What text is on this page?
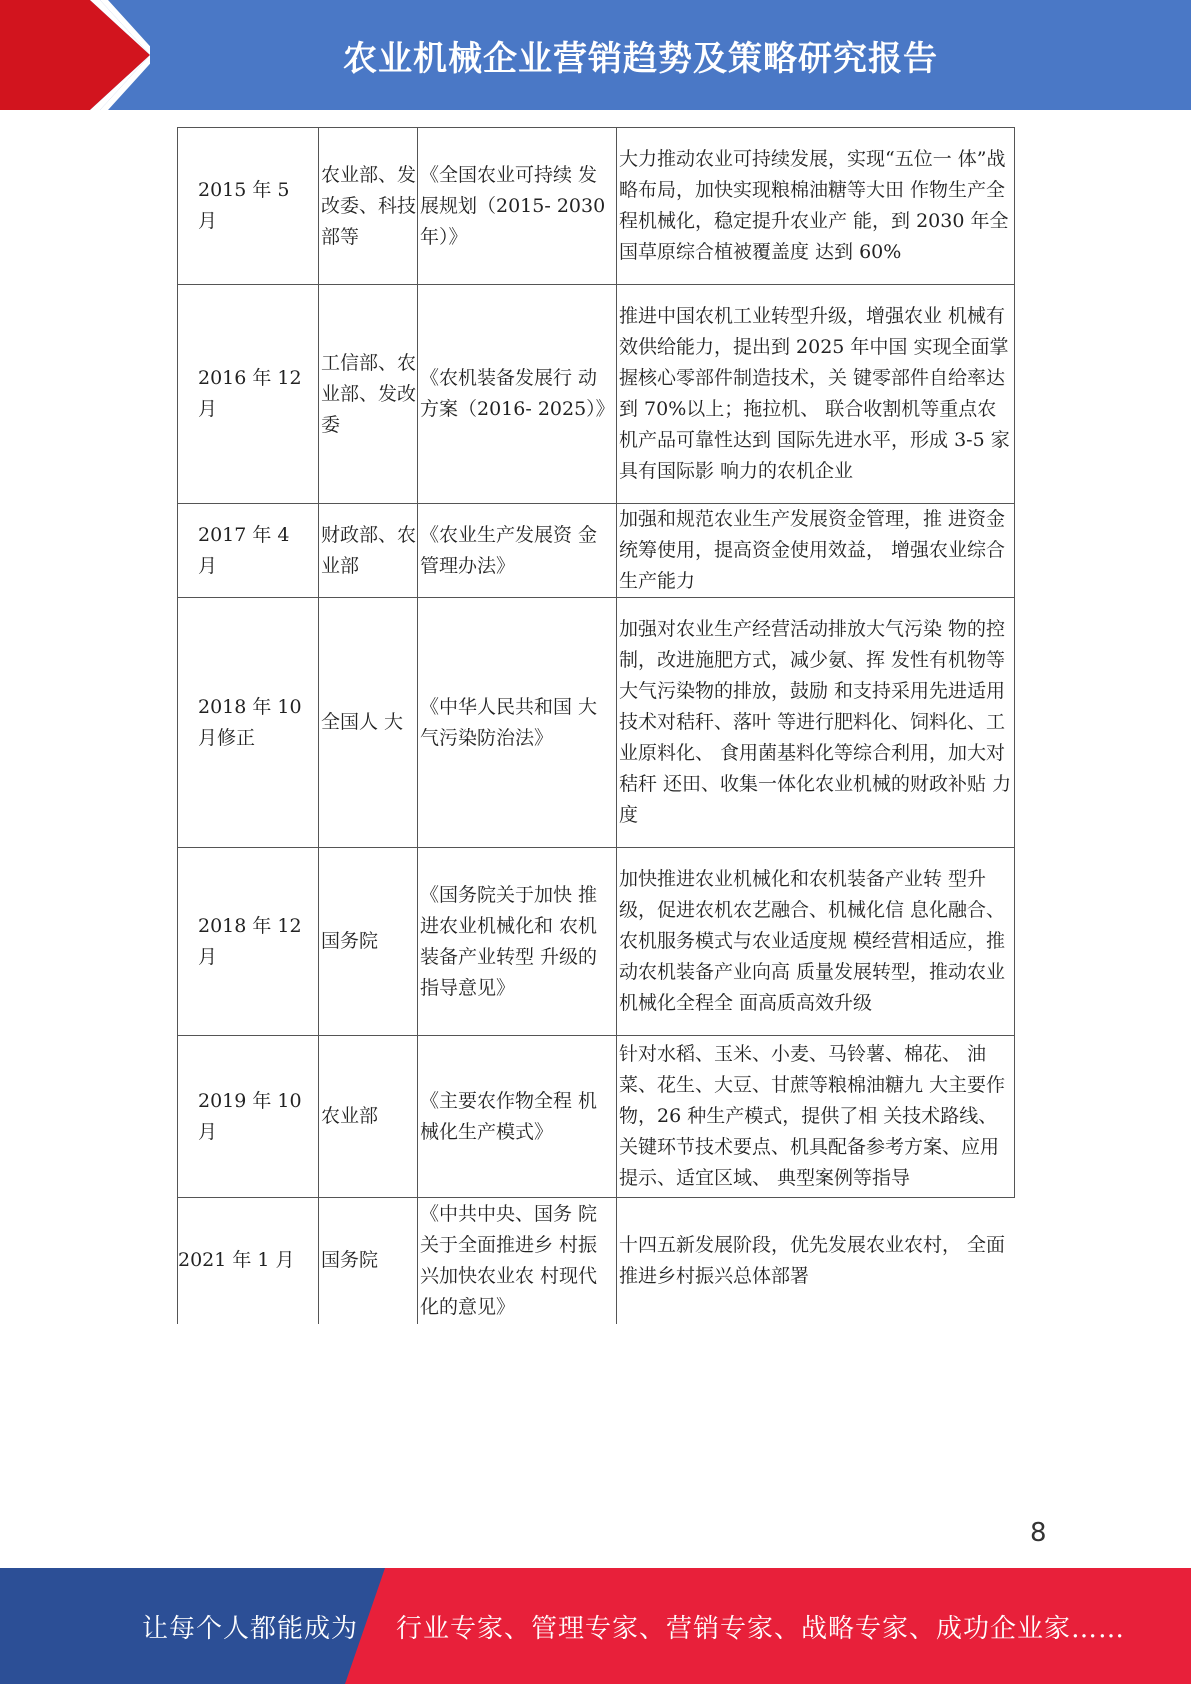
农业机械企业营销趋势及策略研究报告
2015 年 5 月	农业部、发改委、科技部等	《全国农业可持续 发展规划（2015- 2030 年）》	大力推动农业可持续发展，实现“五位一 体”战略布局，加快实现粮棉油糖等大田 作物生产全程机械化，稳定提升农业产 能，到 2030 年全国草原综合植被覆盖度 达到 60%
2016 年 12 月	工信部、农业部、发改委	《农机装备发展行 动方案（2016- 2025）》	推进中国农机工业转型升级，增强农业 机械有效供给能力，提出到 2025 年中国 实现全面掌握核心零部件制造技术，关 键零部件自给率达到 70%以上；拖拉机、 联合收割机等重点农机产品可靠性达到 国际先进水平，形成 3-5 家具有国际影 响力的农机企业
2017 年 4 月	财政部、农业部	《农业生产发展资 金管理办法》	加强和规范农业生产发展资金管理，推 进资金统筹使用，提高资金使用效益， 增强农业综合生产能力
2018 年 10 月修正	全国人 大	《中华人民共和国 大气污染防治法》	加强对农业生产经营活动排放大气污染 物的控制，改进施肥方式，减少氨、挥 发性有机物等大气污染物的排放，鼓励 和支持采用先进适用技术对秸秆、落叶 等进行肥料化、饲料化、工业原料化、 食用菌基料化等综合利用，加大对秸秆 还田、收集一体化农业机械的财政补贴 力度
2018 年 12 月	国务院	《国务院关于加快 推进农业机械化和 农机装备产业转型 升级的指导意见》	加快推进农业机械化和农机装备产业转 型升级，促进农机农艺融合、机械化信 息化融合、农机服务模式与农业适度规 模经营相适应，推动农机装备产业向高 质量发展转型，推动农业机械化全程全 面高质高效升级
2019 年 10 月	农业部	《主要农作物全程 机械化生产模式》	针对水稻、玉米、小麦、马铃薯、棉花、 油菜、花生、大豆、甘蔗等粮棉油糖九 大主要作物，26 种生产模式，提供了相 关技术路线、关键环节技术要点、机具配备参考方案、应用提示、适宜区域、 典型案例等指导
2021 年 1 月	国务院	《中共中央、国务 院关于全面推进乡 村振兴加快农业农 村现代化的意见》	十四五新发展阶段，优先发展农业农村， 全面推进乡村振兴总体部署
8
让每个人都能成为 行业专家、管理专家、营销专家、战略专家、成功企业家……
